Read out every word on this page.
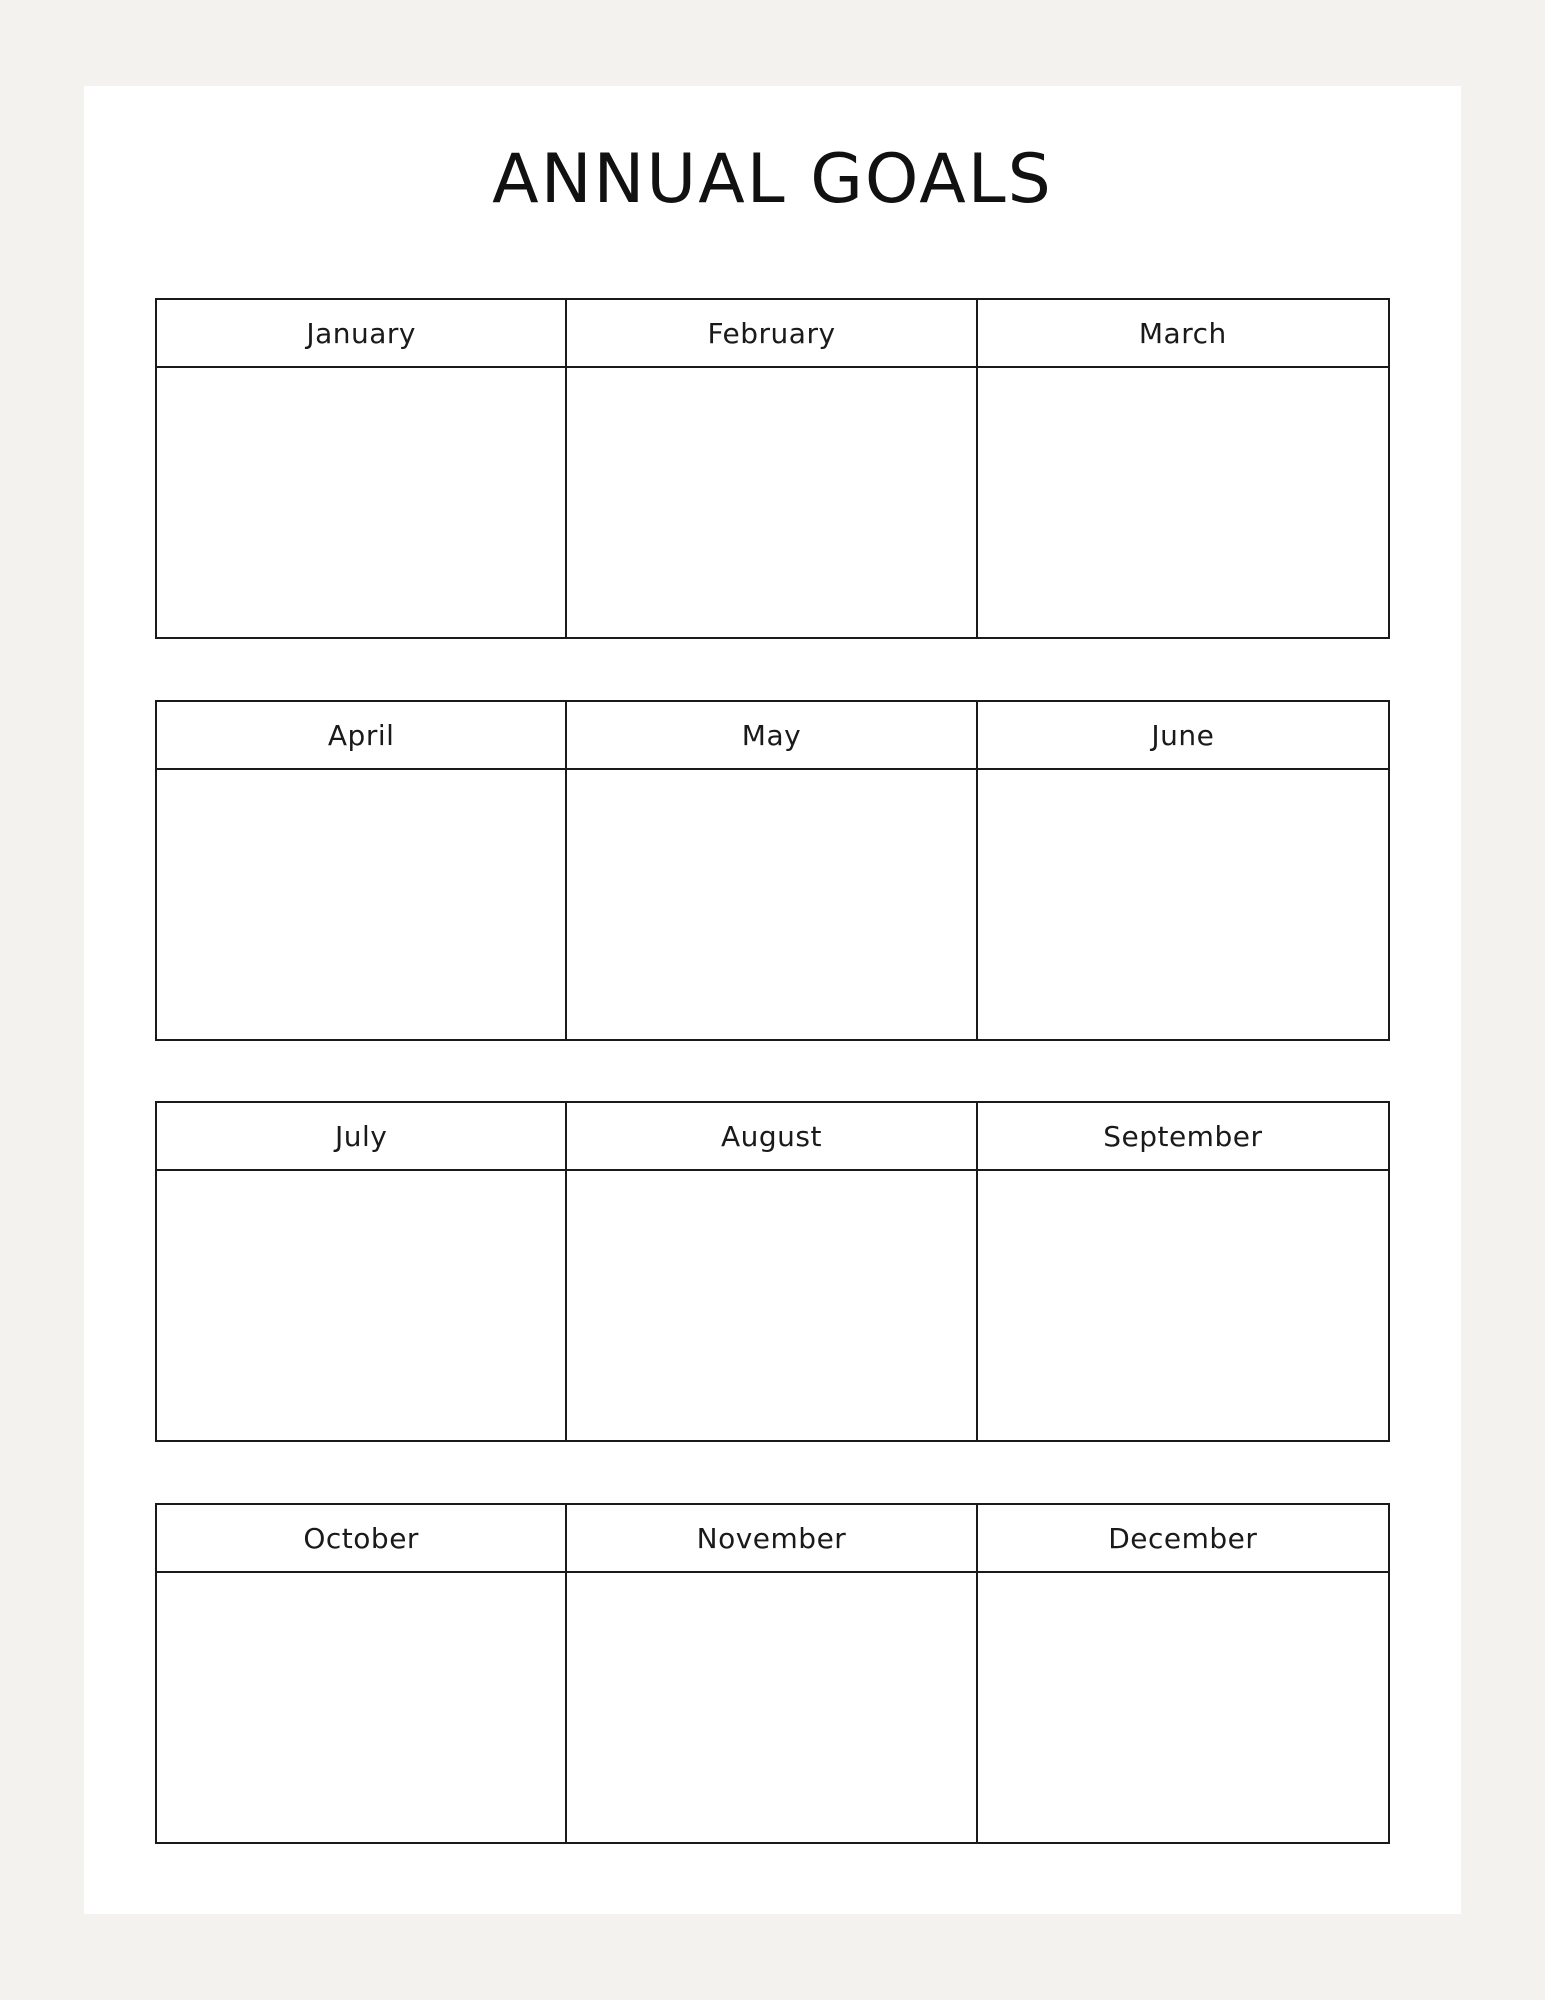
ANNUAL GOALS
January	February	March
April	May	June
July	August	September
October	November	December
